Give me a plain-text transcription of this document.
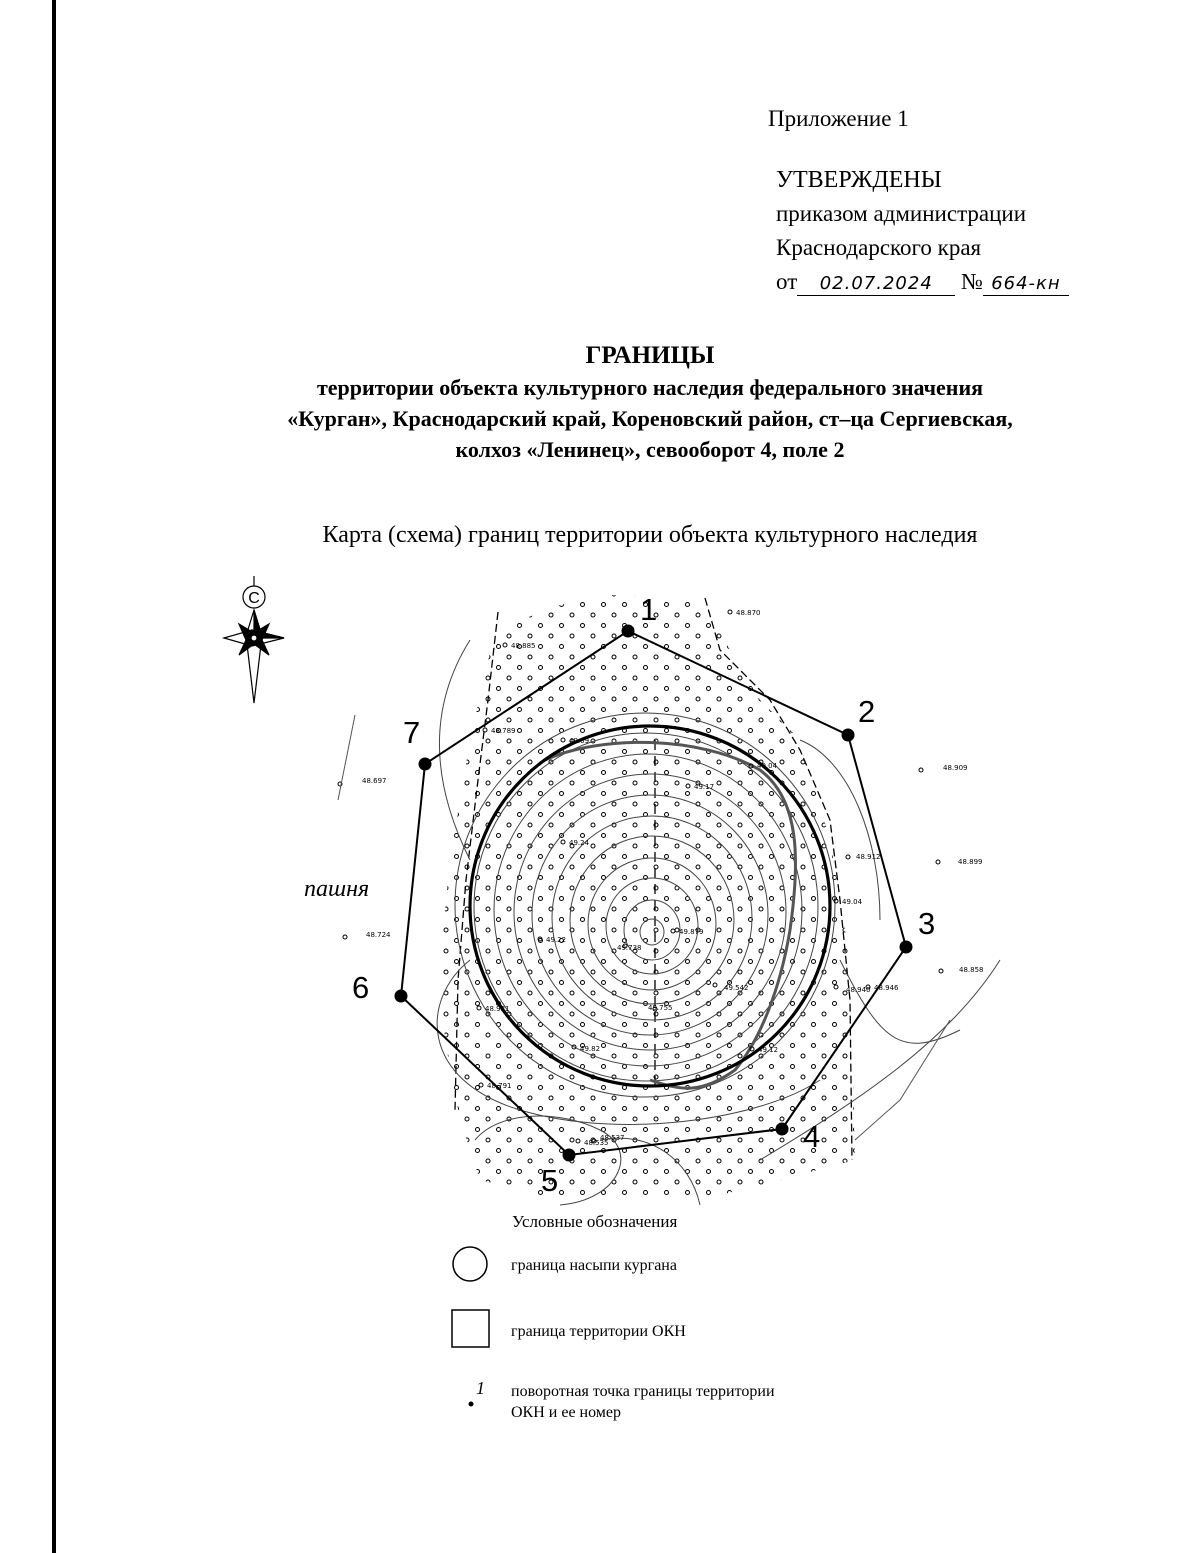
Приложение 1
УТВЕРЖДЕНЫ
приказом администрации
Краснодарского края
от 02.07.2024 № 664-кн
ГРАНИЦЫ
территории объекта культурного наследия федерального значения
«Курган», Краснодарский край, Кореновский район, ст–ца Сергиевская,
колхоз «Ленинец», севооборот 4, поле 2
Карта (схема) границ территории объекта культурного наследия
1
2
3
4
5
6
7
48.870
48.885
48.789
48.697
48.909
48.899
48.858
48.724
48.912
49.04
49.12
49.24
49.22
49.879
49.738
49.755
49.542
49.82
48.931
48.946
48.535
48.537
48.791
48.940
49.09
49.17
49.04
С
пашня
1
Условные обозначения
граница насыпи кургана
граница территории ОКН
поворотная точка границы территории
ОКН и ее номер
